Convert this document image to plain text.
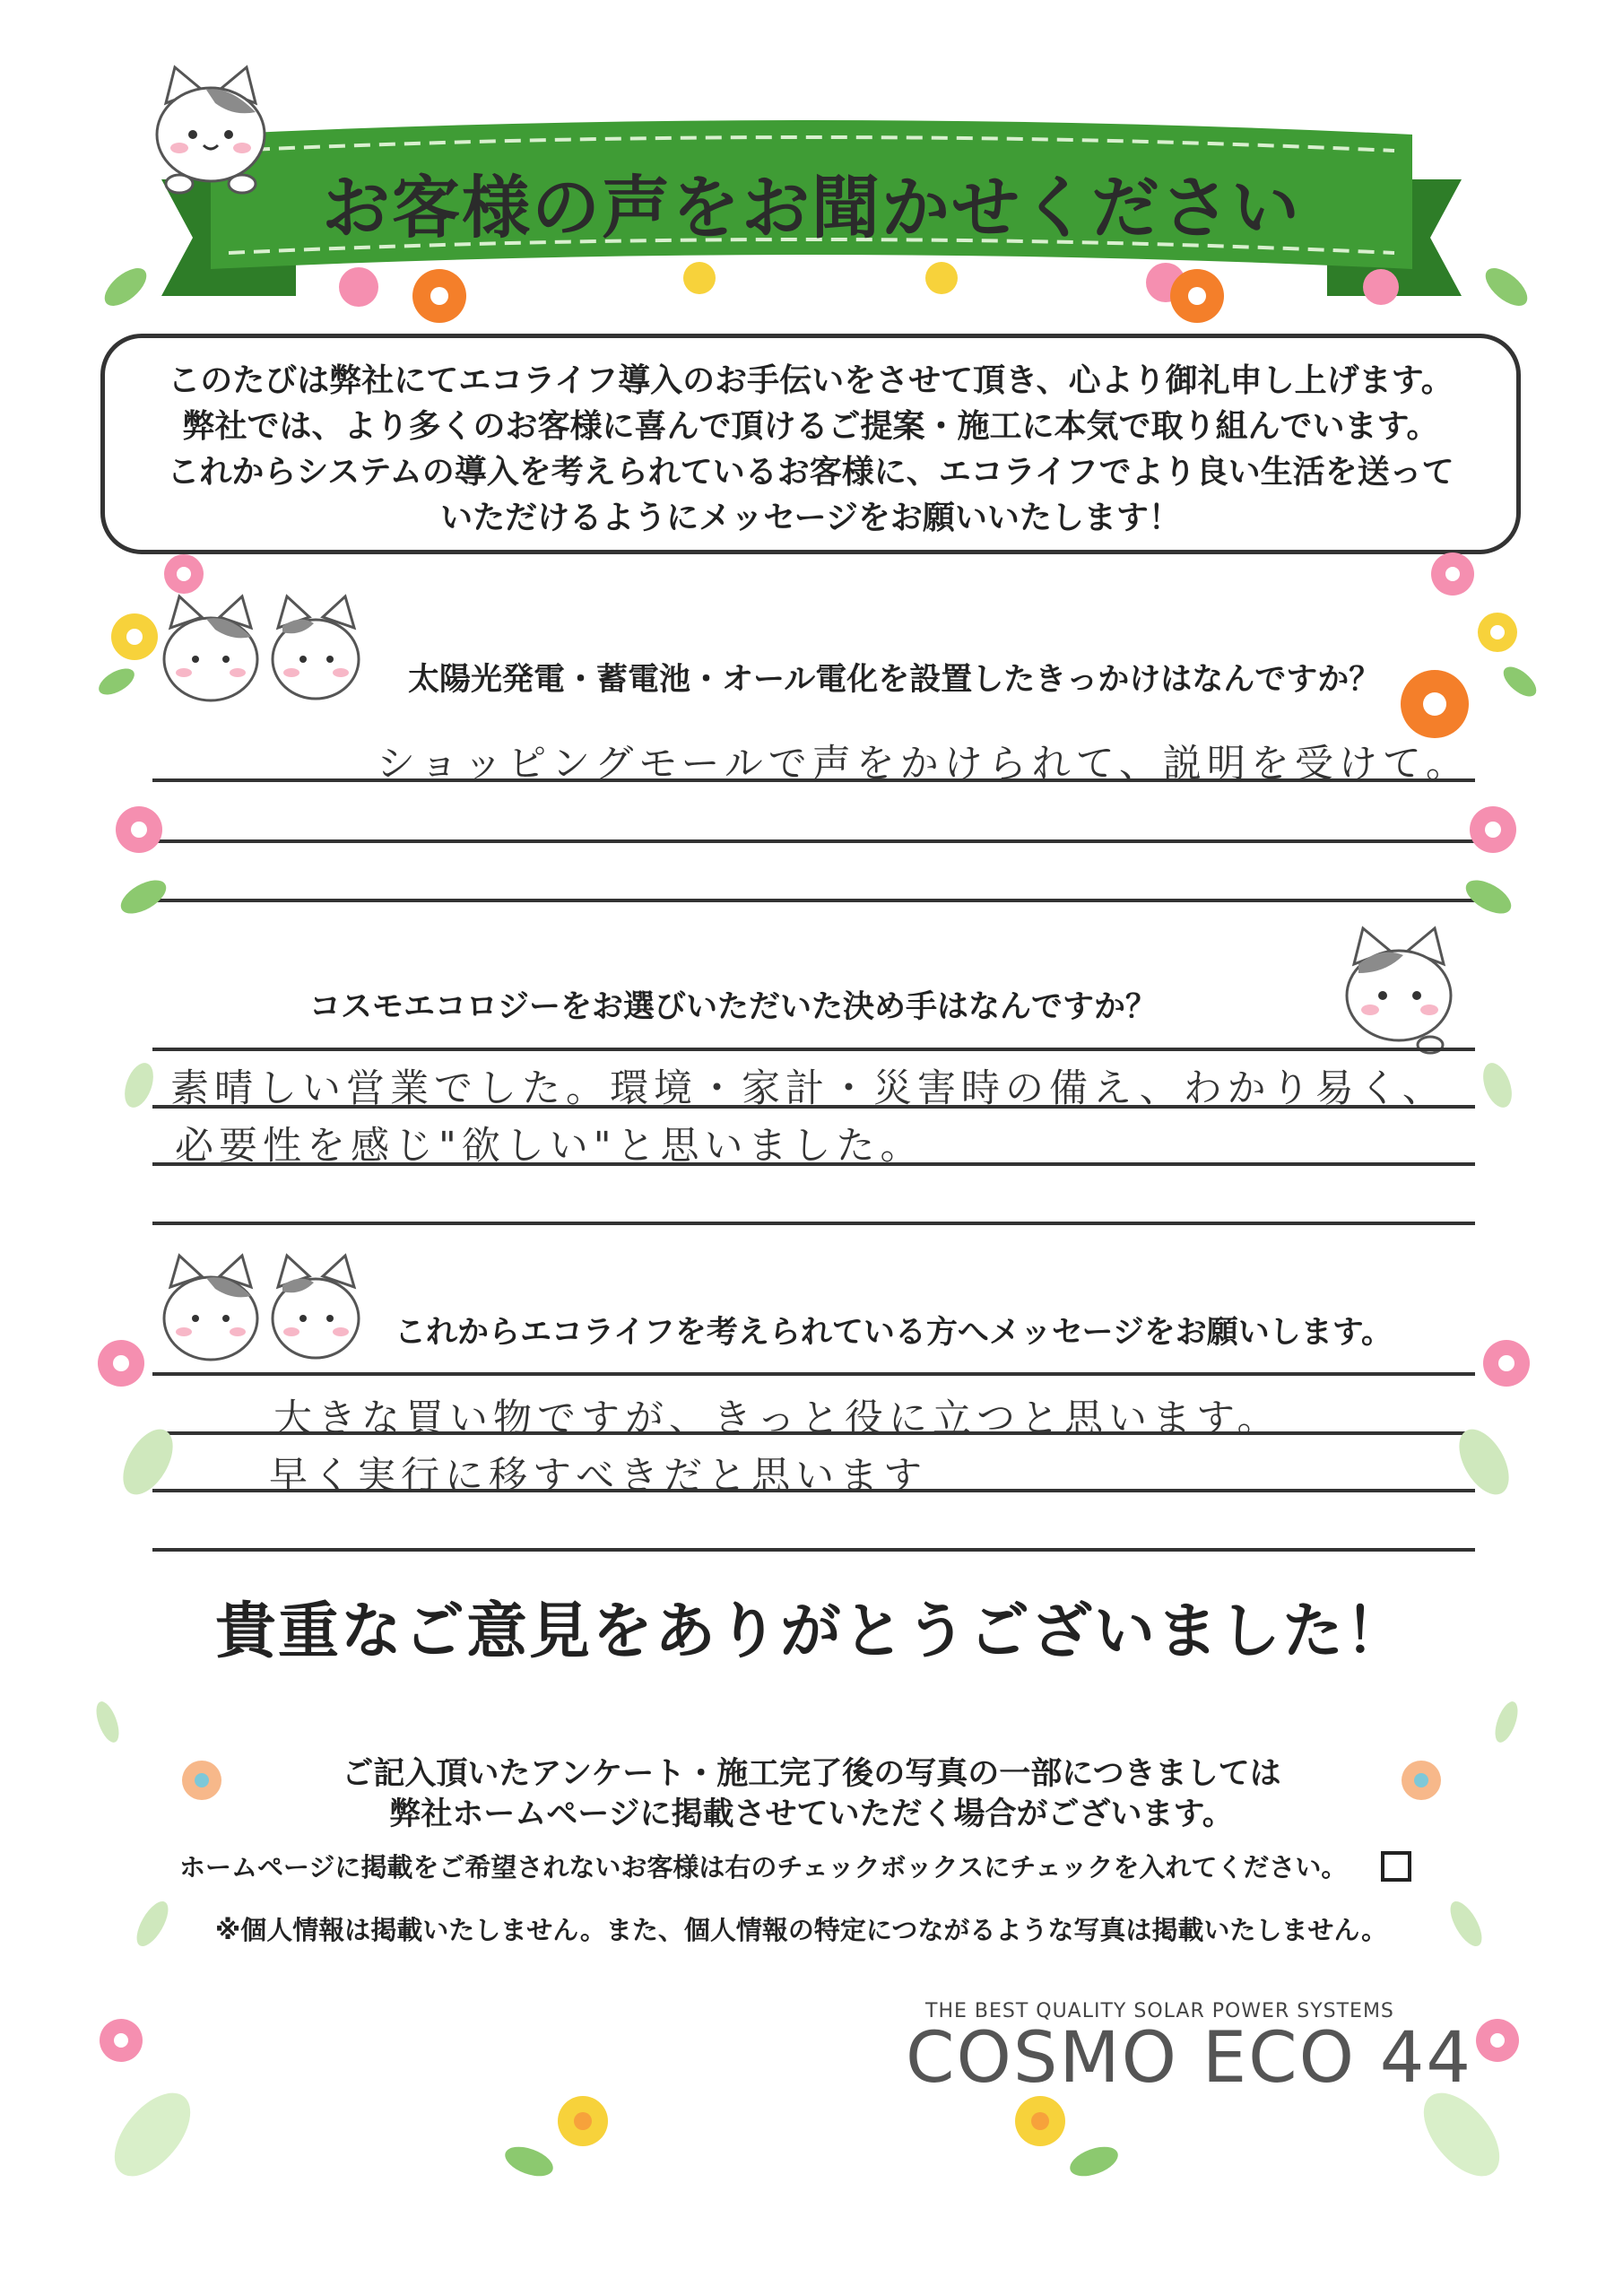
お客様の声をお聞かせください
このたびは弊社にてエコライフ導入のお手伝いをさせて頂き、心より御礼申し上げます。
弊社では、より多くのお客様に喜んで頂けるご提案・施工に本気で取り組んでいます。
これからシステムの導入を考えられているお客様に、エコライフでより良い生活を送って
いただけるようにメッセージをお願いいたします！
太陽光発電・蓄電池・オール電化を設置したきっかけはなんですか？
ショッピングモールで声をかけられて、説明を受けて。
コスモエコロジーをお選びいただいた決め手はなんですか？
素晴しい営業でした。環境・家計・災害時の備え、わかり易く、
必要性を感じ"欲しい"と思いました。
これからエコライフを考えられている方へメッセージをお願いします。
大きな買い物ですが、きっと役に立つと思います。
早く実行に移すべきだと思います
貴重なご意見をありがとうございました！
ご記入頂いたアンケート・施工完了後の写真の一部につきましては
弊社ホームページに掲載させていただく場合がございます。
ホームページに掲載をご希望されないお客様は右のチェックボックスにチェックを入れてください。
※個人情報は掲載いたしません。また、個人情報の特定につながるような写真は掲載いたしません。
THE BEST QUALITY SOLAR POWER SYSTEMS
COSMO ECO 44
